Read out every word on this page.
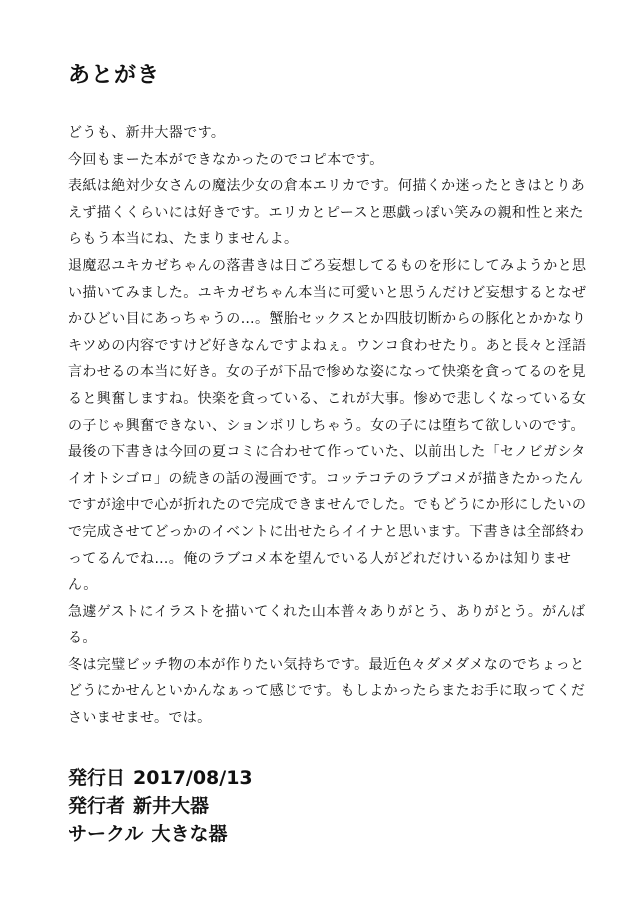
あとがき

どうも、新井大器です。

今回もまーた本ができなかったのでコピ本です。

表紙は絶対少女さんの魔法少女の倉本エリカです。何描くか迷ったときはとりあえず描くくらいには好きです。エリカとピースと悪戯っぽい笑みの親和性と来たらもう本当にね、たまりませんよ。

退魔忍ユキカゼちゃんの落書きは日ごろ妄想してるものを形にしてみようかと思い描いてみました。ユキカゼちゃん本当に可愛いと思うんだけど妄想するとなぜかひどい目にあっちゃうの…。蟹胎セックスとか四肢切断からの豚化とかかなりキツめの内容ですけど好きなんですよねぇ。ウンコ食わせたり。あと長々と淫語言わせるの本当に好き。女の子が下品で惨めな姿になって快楽を貪ってるのを見ると興奮しますね。快楽を貪っている、これが大事。惨めで悲しくなっている女の子じゃ興奮できない、ションボリしちゃう。女の子には堕ちて欲しいのです。

最後の下書きは今回の夏コミに合わせて作っていた、以前出した「セノビガシタイオトシゴロ」の続きの話の漫画です。コッテコテのラブコメが描きたかったんですが途中で心が折れたので完成できませんでした。でもどうにか形にしたいので完成させてどっかのイベントに出せたらイイナと思います。下書きは全部終わってるんでね…。俺のラブコメ本を望んでいる人がどれだけいるかは知りません。

急遽ゲストにイラストを描いてくれた山本普々ありがとう、ありがとう。がんばる。

冬は完璧ビッチ物の本が作りたい気持ちです。最近色々ダメダメなのでちょっとどうにかせんといかんなぁって感じです。もしよかったらまたお手に取ってくださいませませ。では。

発行日 2017/08/13

発行者 新井大器

サークル 大きな器
